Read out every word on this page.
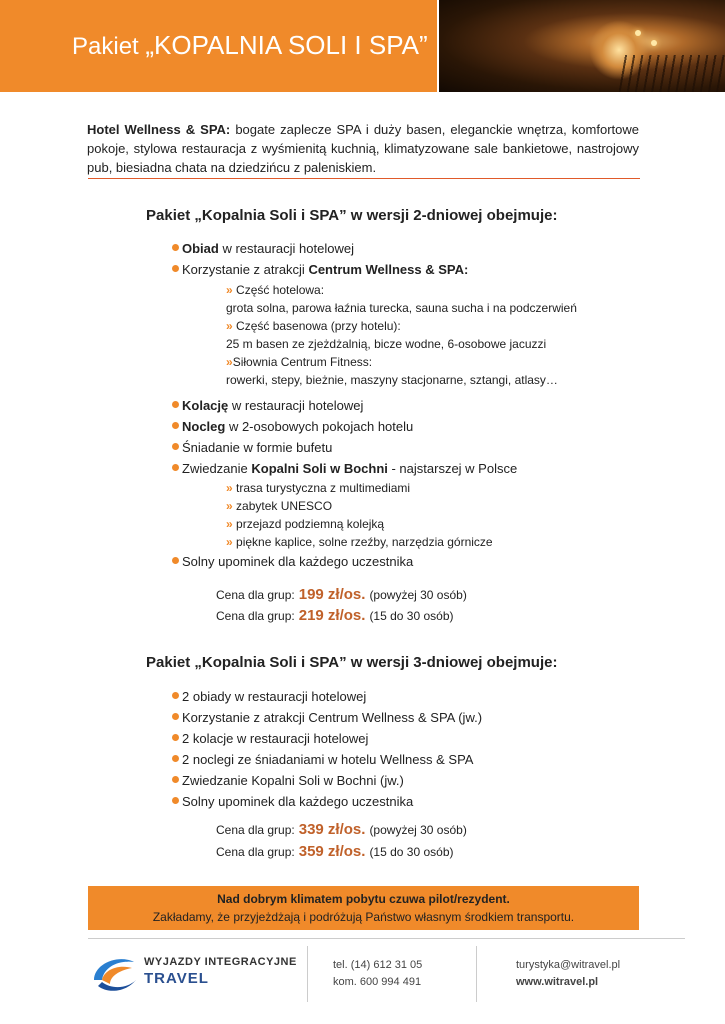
Pakiet „KOPALNIA SOLI I SPA”

Hotel Wellness & SPA: bogate zaplecze SPA i duży basen, eleganckie wnętrza, komfortowe pokoje, stylowa restauracja z wyśmienitą kuchnią, klimatyzowane sale bankietowe, nastrojowy pub, biesiadna chata na dziedzińcu z paleniskiem.

Pakiet „Kopalnia Soli i SPA” w wersji 2-dniowej obejmuje:
Obiad w restauracji hotelowej
Korzystanie z atrakcji Centrum Wellness & SPA:
» Część hotelowa:
grota solna, parowa łaźnia turecka, sauna sucha i na podczerwień
» Część basenowa (przy hotelu):
25 m basen ze zjeżdżalnią, bicze wodne, 6-osobowe jacuzzi
»Siłownia Centrum Fitness:
rowerki, stepy, bieżnie, maszyny stacjonarne, sztangi, atlasy…
Kolację w restauracji hotelowej
Nocleg w 2-osobowych pokojach hotelu
Śniadanie w formie bufetu
Zwiedzanie Kopalni Soli w Bochni - najstarszej w Polsce
» trasa turystyczna z multimediami
» zabytek UNESCO
» przejazd podziemną kolejką
» piękne kaplice, solne rzeźby, narzędzia górnicze
Solny upominek dla każdego uczestnika
Cena dla grup: 199 zł/os. (powyżej 30 osób)
Cena dla grup: 219 zł/os. (15 do 30 osób)
Pakiet „Kopalnia Soli i SPA” w wersji 3-dniowej obejmuje:
2 obiady w restauracji hotelowej
Korzystanie z atrakcji Centrum Wellness & SPA (jw.)
2 kolacje w restauracji hotelowej
2 noclegi ze śniadaniami w hotelu Wellness & SPA
Zwiedzanie Kopalni Soli w Bochni (jw.)
Solny upominek dla każdego uczestnika
Cena dla grup: 339 zł/os. (powyżej 30 osób)
Cena dla grup: 359 zł/os. (15 do 30 osób)
Nad dobrym klimatem pobytu czuwa pilot/rezydent.
Zakładamy, że przyjeżdżają i podróżują Państwo własnym środkiem transportu.
WYJAZDY INTEGRACYJNE
TRAVEL
tel. (14) 612 31 05
kom. 600 994 491
turystyka@witravel.pl
www.witravel.pl
